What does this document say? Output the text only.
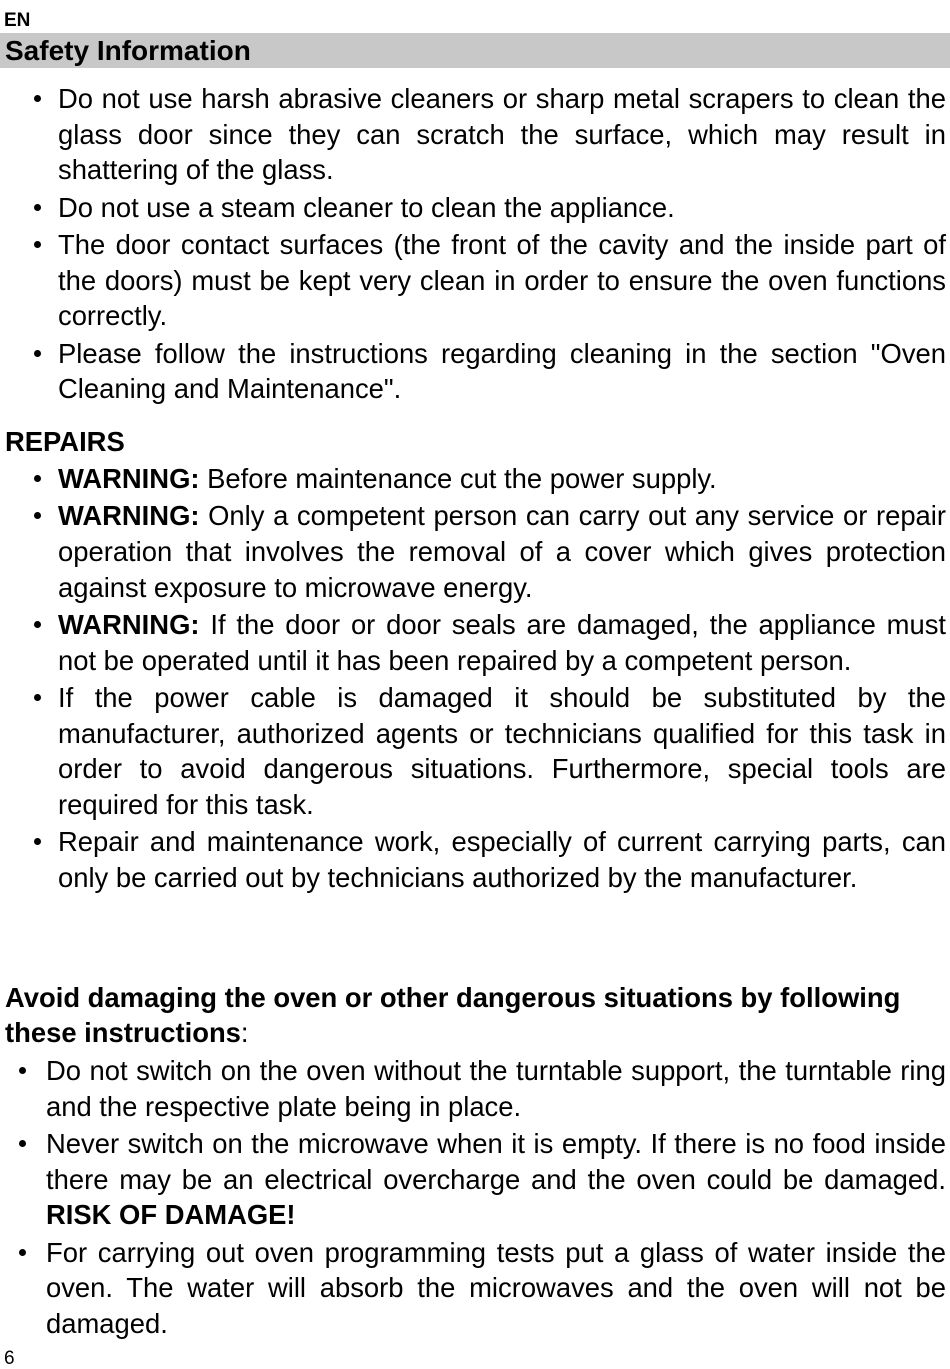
EN
Safety Information
Do not use harsh abrasive cleaners or sharp metal scrapers to clean the glass door since they can scratch the surface, which may result in shattering of the glass.
Do not use a steam cleaner to clean the appliance.
The door contact surfaces (the front of the cavity and the inside part of the doors) must be kept very clean in order to ensure the oven functions correctly.
Please follow the instructions regarding cleaning in the section "Oven Cleaning and Maintenance".
REPAIRS
WARNING: Before maintenance cut the power supply.
WARNING: Only a competent person can carry out any service or repair operation that involves the removal of a cover which gives protection against exposure to microwave energy.
WARNING: If the door or door seals are damaged, the appliance must not be operated until it has been repaired by a competent person.
If the power cable is damaged it should be substituted by the manufacturer, authorized agents or technicians qualified for this task in order to avoid dangerous situations. Furthermore, special tools are required for this task.
Repair and maintenance work, especially of current carrying parts, can only be carried out by technicians authorized by the manufacturer.

Avoid damaging the oven or other dangerous situations by following these instructions:

Do not switch on the oven without the turntable support, the turntable ring and the respective plate being in place.
Never switch on the microwave when it is empty. If there is no food inside there may be an electrical overcharge and the oven could be damaged. RISK OF DAMAGE!
For carrying out oven programming tests put a glass of water inside the oven. The water will absorb the microwaves and the oven will not be damaged.
6
